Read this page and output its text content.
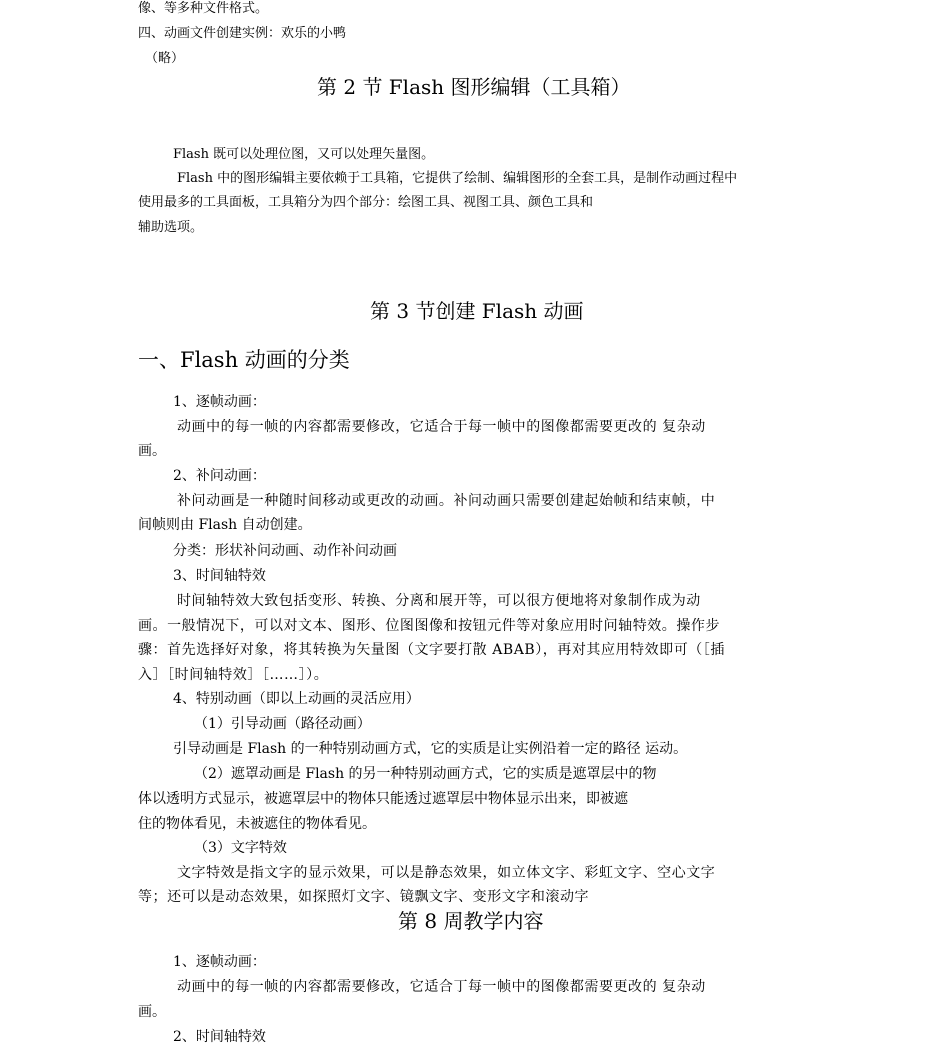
像、等多种文件格式。
四、动画文件创建实例：欢乐的小鸭
（略）
第 2 节 Flash 图形编辑（工具箱）
Flash 既可以处理位图，又可以处理矢量图。
Flash 中的图形编辑主要依赖于工具箱，它提供了绘制、编辑图形的全套工具，是制作动画过程中
使用最多的工具面板，工具箱分为四个部分：绘图工具、视图工具、颜色工具和
辅助选项。
第 3 节创建 Flash 动画
一、Flash 动画的分类
1、逐帧动画：
动画中的每一帧的内容都需要修改，它适合于每一帧中的图像都需要更改的 复杂动
画。
2、补问动画：
补问动画是一种随时间移动或更改的动画。补问动画只需要创建起始帧和结束帧，中
间帧则由 Flash 自动创建。
分类：形状补问动画、动作补问动画
3、时间轴特效
时间轴特效大致包括变形、转换、分离和展开等，可以很方便地将对象制作成为动
画。一般情况下，可以对文本、图形、位图图像和按钮元件等对象应用时问轴特效。操作步
骤：首先选择好对象，将其转换为矢量图（文字要打散 ABAB），再对其应用特效即可（［插
入］［时间轴特效］［……］）。
4、特别动画（即以上动画的灵活应用）
（1）引导动画（路径动画）
引导动画是 Flash 的一种特别动画方式，它的实质是让实例沿着一定的路径 运动。
（2）遮罩动画是 Flash 的另一种特别动画方式，它的实质是遮罩层中的物
体以透明方式显示，被遮罩层中的物体只能透过遮罩层中物体显示出来，即被遮
住的物体看见，未被遮住的物体看见。
（3）文字特效
文字特效是指文字的显示效果，可以是静态效果，如立体文字、彩虹文字、空心文字
等；还可以是动态效果，如探照灯文字、镜飘文字、变形文字和滚动字
第 8 周教学内容
1、逐帧动画：
动画中的每一帧的内容都需要修改，它适合丁每一帧中的图像都需要更改的 复杂动
画。
2、时间轴特效
